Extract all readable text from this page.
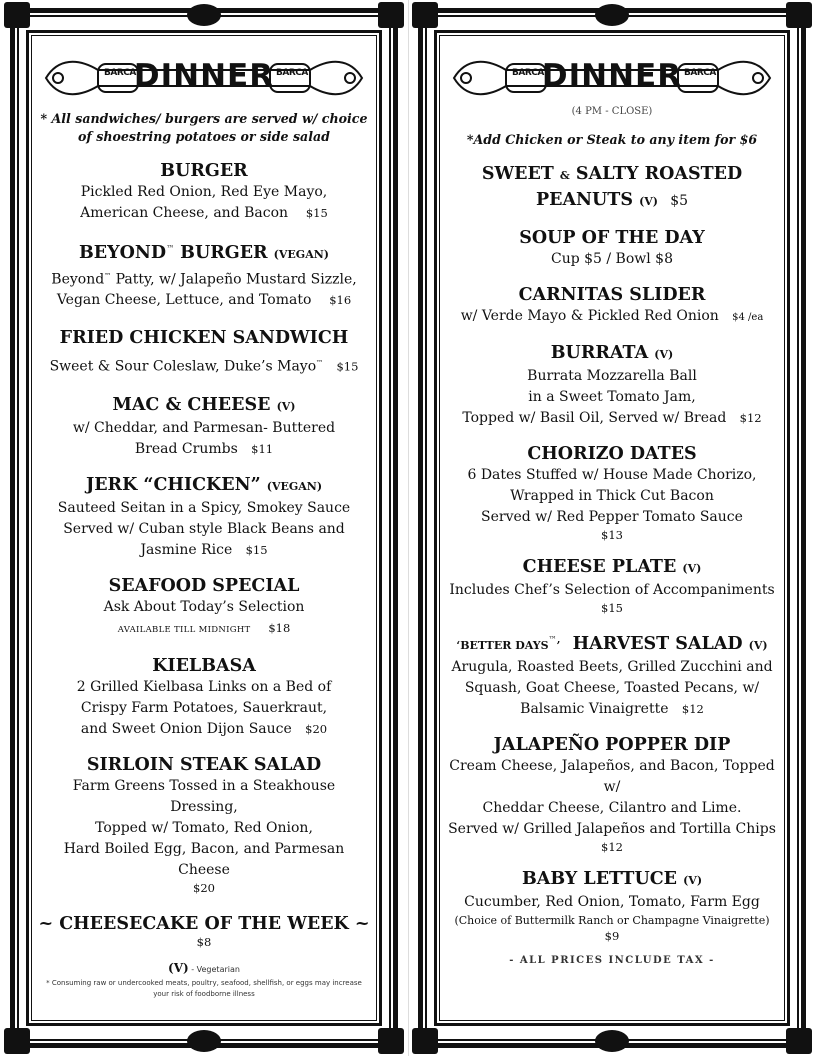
BARCA	BARCA
DINNER
* All sandwiches/ burgers are served w/ choice of shoestring potatoes or side salad
BURGER
Pickled Red Onion, Red Eye Mayo,
American Cheese, and Bacon $15
BEYOND™ BURGER (VEGAN)
Beyond™ Patty, w/ Jalapeño Mustard Sizzle,
Vegan Cheese, Lettuce, and Tomato $16
FRIED CHICKEN SANDWICH
Sweet & Sour Coleslaw, Duke’s Mayo™ $15
MAC & CHEESE (V)
w/ Cheddar, and Parmesan- Buttered
Bread Crumbs $11
JERK “CHICKEN” (VEGAN)
Sauteed Seitan in a Spicy, Smokey Sauce
Served w/ Cuban style Black Beans and
Jasmine Rice $15
SEAFOOD SPECIAL
Ask About Today’s Selection
AVAILABLE TILL MIDNIGHT $18
KIELBASA
2 Grilled Kielbasa Links on a Bed of
Crispy Farm Potatoes, Sauerkraut,
and Sweet Onion Dijon Sauce $20
SIRLOIN STEAK SALAD
Farm Greens Tossed in a Steakhouse Dressing,
Topped w/ Tomato, Red Onion,
Hard Boiled Egg, Bacon, and Parmesan Cheese
$20
~ CHEESECAKE OF THE WEEK ~
$8
(V) - Vegetarian
* Consuming raw or undercooked meats, poultry, seafood, shellfish, or eggs may increase your risk of foodborne illness
BARCA	BARCA
DINNER
(4 PM - CLOSE)
*Add Chicken or Steak to any item for $6
SWEET & SALTY ROASTED
PEANUTS (V) $5
SOUP OF THE DAY
Cup $5 / Bowl $8
CARNITAS SLIDER
w/ Verde Mayo & Pickled Red Onion $4 /ea
BURRATA (V)
Burrata Mozzarella Ball
in a Sweet Tomato Jam,
Topped w/ Basil Oil, Served w/ Bread $12
CHORIZO DATES
6 Dates Stuffed w/ House Made Chorizo,
Wrapped in Thick Cut Bacon
Served w/ Red Pepper Tomato Sauce
$13
CHEESE PLATE (V)
Includes Chef’s Selection of Accompaniments
$15
‘BETTER DAYS™’ HARVEST SALAD (V)
Arugula, Roasted Beets, Grilled Zucchini and
Squash, Goat Cheese, Toasted Pecans, w/
Balsamic Vinaigrette $12
JALAPEÑO POPPER DIP
Cream Cheese, Jalapeños, and Bacon, Topped w/
Cheddar Cheese, Cilantro and Lime.
Served w/ Grilled Jalapeños and Tortilla Chips
$12
BABY LETTUCE (V)
Cucumber, Red Onion, Tomato, Farm Egg
(Choice of Buttermilk Ranch or Champagne Vinaigrette)
$9
- ALL PRICES INCLUDE TAX -
